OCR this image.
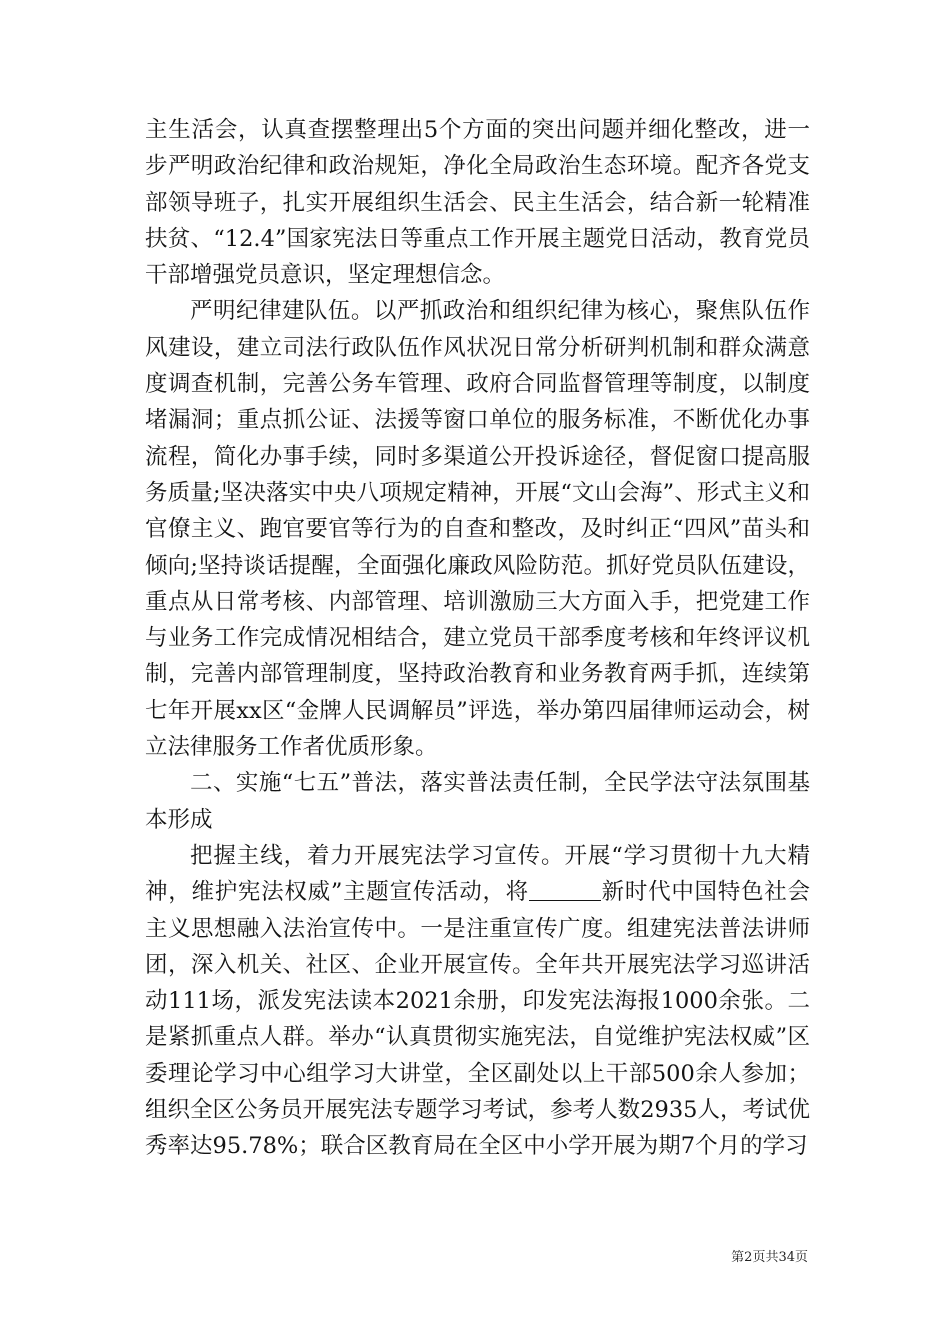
主生活会，认真查摆整理出5个方面的突出问题并细化整改，进一步严明政治纪律和政治规矩，净化全局政治生态环境。配齐各党支部领导班子，扎实开展组织生活会、民主生活会，结合新一轮精准扶贫、“12.4”国家宪法日等重点工作开展主题党日活动，教育党员干部增强党员意识，坚定理想信念。

严明纪律建队伍。以严抓政治和组织纪律为核心，聚焦队伍作风建设，建立司法行政队伍作风状况日常分析研判机制和群众满意度调查机制，完善公务车管理、政府合同监督管理等制度，以制度堵漏洞；重点抓公证、法援等窗口单位的服务标准，不断优化办事流程，简化办事手续，同时多渠道公开投诉途径，督促窗口提高服务质量;坚决落实中央八项规定精神，开展“文山会海”、形式主义和官僚主义、跑官要官等行为的自查和整改，及时纠正“四风”苗头和倾向;坚持谈话提醒，全面强化廉政风险防范。抓好党员队伍建设，重点从日常考核、内部管理、培训激励三大方面入手，把党建工作与业务工作完成情况相结合，建立党员干部季度考核和年终评议机制，完善内部管理制度，坚持政治教育和业务教育两手抓，连续第七年开展xx区“金牌人民调解员”评选，举办第四届律师运动会，树立法律服务工作者优质形象。

二、实施“七五”普法，落实普法责任制，全民学法守法氛围基本形成

把握主线，着力开展宪法学习宣传。开展“学习贯彻十九大精神，维护宪法权威”主题宣传活动，将	新时代中国特色社会主义思想融入法治宣传中。一是注重宣传广度。组建宪法普法讲师团，深入机关、社区、企业开展宣传。全年共开展宪法学习巡讲活动111场，派发宪法读本2021余册，印发宪法海报1000余张。二是紧抓重点人群。举办“认真贯彻实施宪法，自觉维护宪法权威”区委理论学习中心组学习大讲堂，全区副处以上干部500余人参加；组织全区公务员开展宪法专题学习考试，参考人数2935人，考试优秀率达95.78%；联合区教育局在全区中小学开展为期7个月的学习

第2页共34页
